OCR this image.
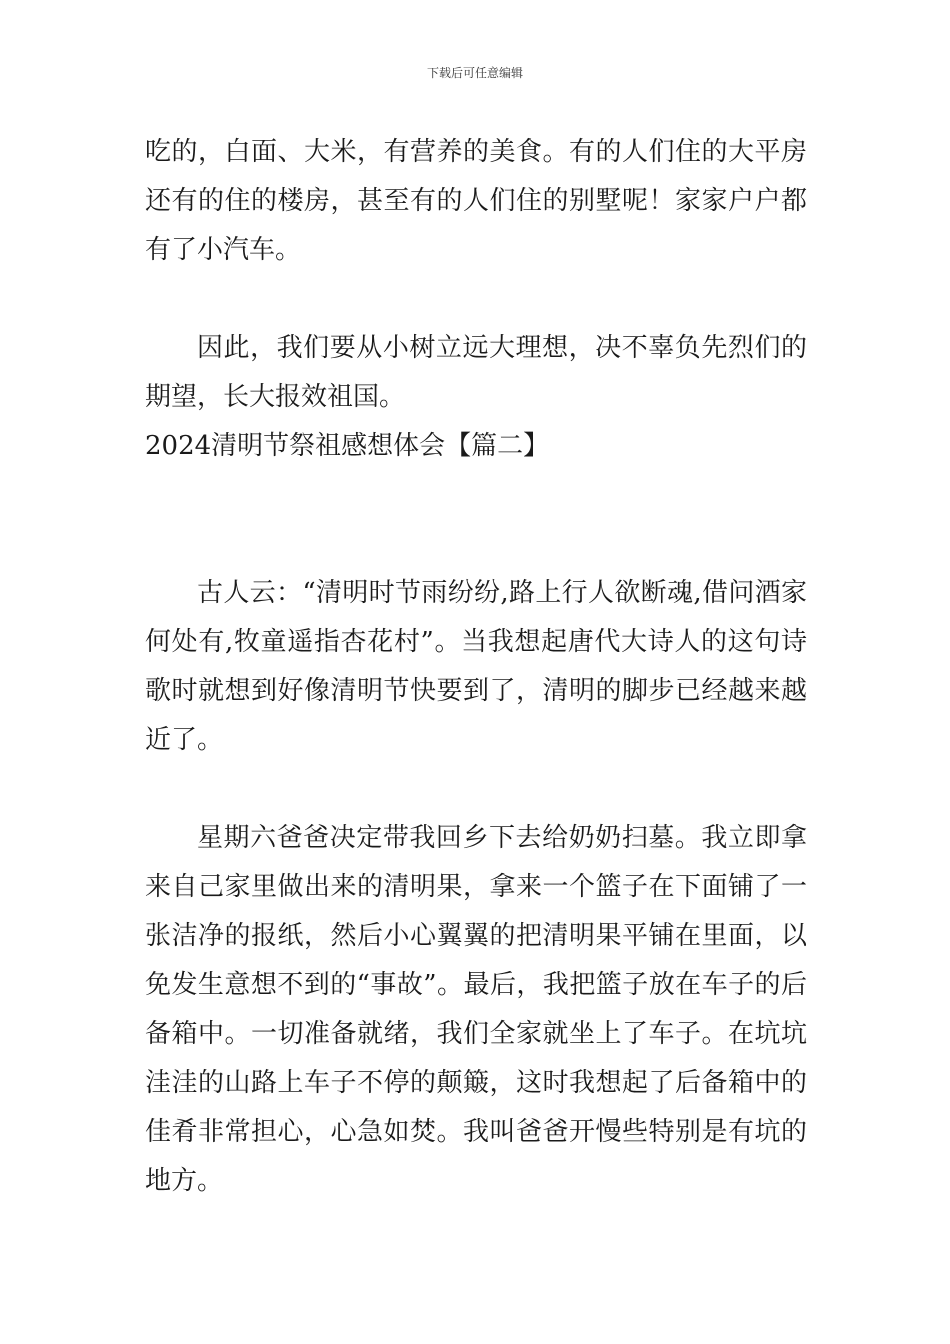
下载后可任意编辑

吃的，白面、大米，有营养的美食。有的人们住的大平房还有的住的楼房，甚至有的人们住的别墅呢！家家户户都有了小汽车。

因此，我们要从小树立远大理想，决不辜负先烈们的期望，长大报效祖国。

2024清明节祭祖感想体会【篇二】

古人云：“清明时节雨纷纷,路上行人欲断魂,借问酒家何处有,牧童遥指杏花村”。当我想起唐代大诗人的这句诗歌时就想到好像清明节快要到了，清明的脚步已经越来越近了。

星期六爸爸决定带我回乡下去给奶奶扫墓。我立即拿来自己家里做出来的清明果，拿来一个篮子在下面铺了一张洁净的报纸，然后小心翼翼的把清明果平铺在里面，以免发生意想不到的“事故”。最后，我把篮子放在车子的后备箱中。一切准备就绪，我们全家就坐上了车子。在坑坑洼洼的山路上车子不停的颠簸，这时我想起了后备箱中的佳肴非常担心，心急如焚。我叫爸爸开慢些特别是有坑的地方。
